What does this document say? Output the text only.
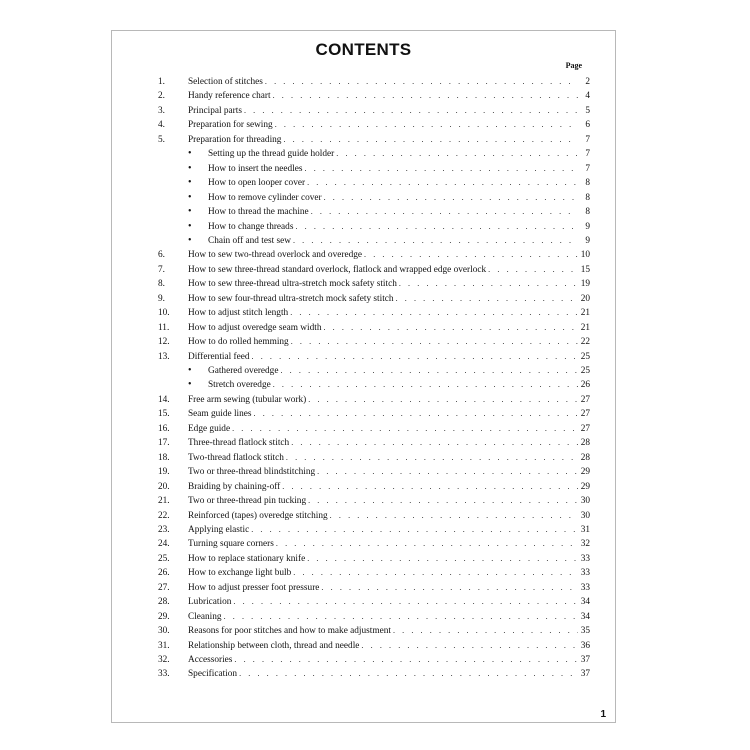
CONTENTS
Page
1.	Selection of stitches . . .	2
2.	Handy reference chart . . .	4
3.	Principal parts . . .	5
4.	Preparation for sewing . . .	6
5.	Preparation for threading . . .	7
• Setting up the thread guide holder . . .	7
• How to insert the needles . . .	7
• How to open looper cover . . .	8
• How to remove cylinder cover . . .	8
• How to thread the machine . . .	8
• How to change threads . . .	9
• Chain off and test sew . . .	9
6.	How to sew two-thread overlock and overedge . . .	10
7.	How to sew three-thread standard overlock, flatlock and wrapped edge overlock . . .	15
8.	How to sew three-thread ultra-stretch mock safety stitch . . .	19
9.	How to sew four-thread ultra-stretch mock safety stitch . . .	20
10.	How to adjust stitch length . . .	21
11.	How to adjust overedge seam width . . .	21
12.	How to do rolled hemming . . .	22
13.	Differential feed . . .	25
• Gathered overedge . . .	25
• Stretch overedge . . .	26
14.	Free arm sewing (tubular work) . . .	27
15.	Seam guide lines . . .	27
16.	Edge guide . . .	27
17.	Three-thread flatlock stitch . . .	28
18.	Two-thread flatlock stitch . . .	28
19.	Two or three-thread blindstitching . . .	29
20.	Braiding by chaining-off . . .	29
21.	Two or three-thread pin tucking . . .	30
22.	Reinforced (tapes) overedge stitching . . .	30
23.	Applying elastic . . .	31
24.	Turning square corners . . .	32
25.	How to replace stationary knife . . .	33
26.	How to exchange light bulb . . .	33
27.	How to adjust presser foot pressure . . .	33
28.	Lubrication . . .	34
29.	Cleaning . . .	34
30.	Reasons for poor stitches and how to make adjustment . . .	35
31.	Relationship between cloth, thread and needle . . .	36
32.	Accessories . . .	37
33.	Specification . . .	37
1
